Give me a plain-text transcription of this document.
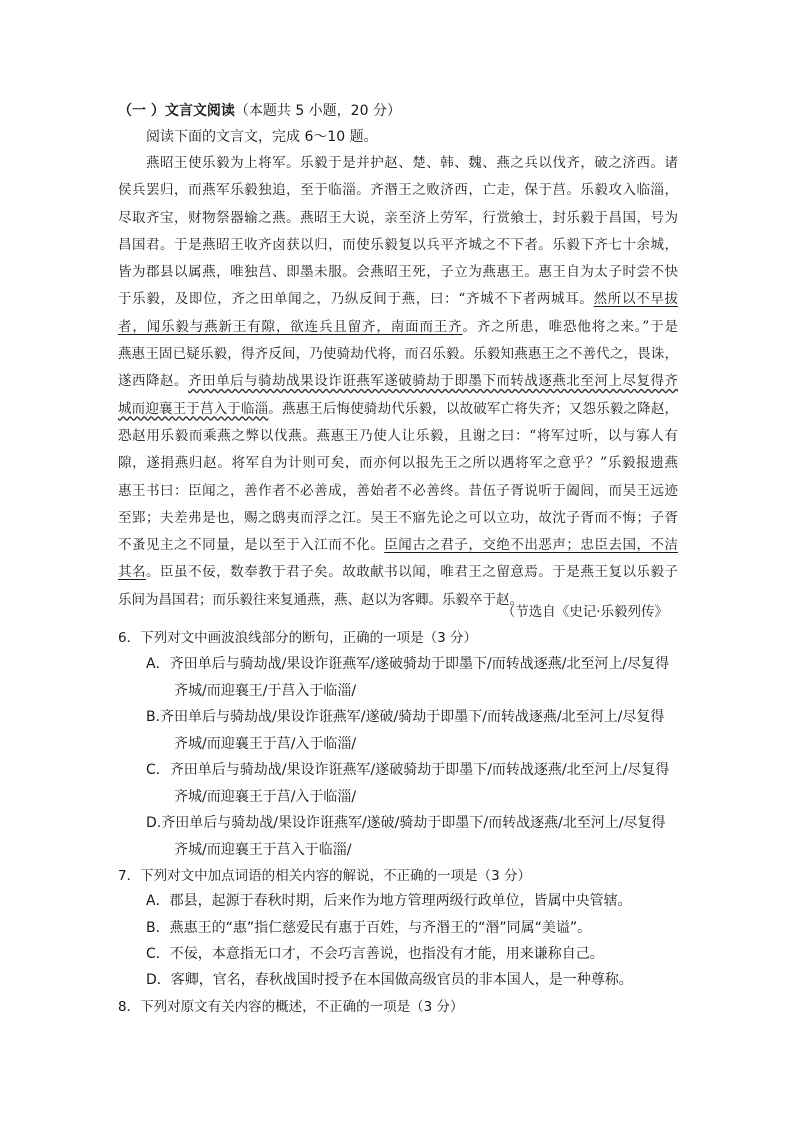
（一 ）文言文阅读（本题共 5 小题，20 分）
阅读下面的文言文，完成 6～10 题。
燕昭王使乐毅为上将军。乐毅于是并护赵、楚、韩、魏、燕之兵以伐齐，破之济西。诸
侯兵罢归，而燕军乐毅独追，至于临淄。齐湣王之败济西，亡走，保于莒。乐毅攻入临淄，
尽取齐宝，财物祭器输之燕。燕昭王大说，亲至济上劳军，行赏飨士，封乐毅于昌国，号为
昌国君。于是燕昭王收齐卤获以归，而使乐毅复以兵平齐城之不下者。乐毅下齐七十余城，
皆为郡县以属燕，唯独莒、即墨未服。会燕昭王死，子立为燕惠王。惠王自为太子时尝不快
于乐毅，及即位，齐之田单闻之，乃纵反间于燕，曰：“齐城不下者两城耳。然所以不早拔
者，闻乐毅与燕新王有隙，欲连兵且留齐，南面而王齐。齐之所患，唯恐他将之来。”于是
燕惠王固已疑乐毅，得齐反间，乃使骑劫代将，而召乐毅。乐毅知燕惠王之不善代之，畏诛，
遂西降赵。齐田单后与骑劫战果设诈诳燕军遂破骑劫于即墨下而转战逐燕北至河上尽复得齐
城而迎襄王于莒入于临淄。燕惠王后悔使骑劫代乐毅，以故破军亡将失齐；又怨乐毅之降赵，
恐赵用乐毅而乘燕之弊以伐燕。燕惠王乃使人让乐毅，且谢之曰：“将军过听，以与寡人有
隙，遂捐燕归赵。将军自为计则可矣，而亦何以报先王之所以遇将军之意乎？”乐毅报遗燕
惠王书曰：臣闻之，善作者不必善成，善始者不必善终。昔伍子胥说听于阖闾，而吴王远迹
至郢；夫差弗是也，赐之鸱夷而浮之江。吴王不寤先论之可以立功，故沈子胥而不悔；子胥
不蚤见主之不同量，是以至于入江而不化。臣闻古之君子，交绝不出恶声；忠臣去国，不洁
其名。臣虽不佞，数奉教于君子矣。故敢献书以闻，唯君王之留意焉。于是燕王复以乐毅子
乐间为昌国君；而乐毅往来复通燕，燕、赵以为客卿。乐毅卒于赵。
（节选自《史记·乐毅列传》
6．下列对文中画波浪线部分的断句，正确的一项是（3 分）
A．齐田单后与骑劫战/果设诈诳燕军/遂破骑劫于即墨下/而转战逐燕/北至河上/尽复得
齐城/而迎襄王/于莒入于临淄/
B.齐田单后与骑劫战/果设诈诳燕军/遂破/骑劫于即墨下/而转战逐燕/北至河上/尽复得
齐城/而迎襄王于莒/入于临淄/
C．齐田单后与骑劫战/果设诈诳燕军/遂破骑劫于即墨下/而转战逐燕/北至河上/尽复得
齐城/而迎襄王于莒/入于临淄/
D.齐田单后与骑劫战/果设诈诳燕军/遂破/骑劫于即墨下/而转战逐燕/北至河上/尽复得
齐城/而迎襄王于莒入于临淄/
7．下列对文中加点词语的相关内容的解说，不正确的一项是（3 分）
A．郡县，起源于春秋时期，后来作为地方管理两级行政单位，皆属中央管辖。
B．燕惠王的“惠”指仁慈爱民有惠于百姓，与齐湣王的“湣”同属“美谥”。
C．不佞，本意指无口才，不会巧言善说，也指没有才能，用来谦称自己。
D．客卿，官名，春秋战国时授予在本国做高级官员的非本国人，是一种尊称。
8．下列对原文有关内容的概述，不正确的一项是（3 分）
